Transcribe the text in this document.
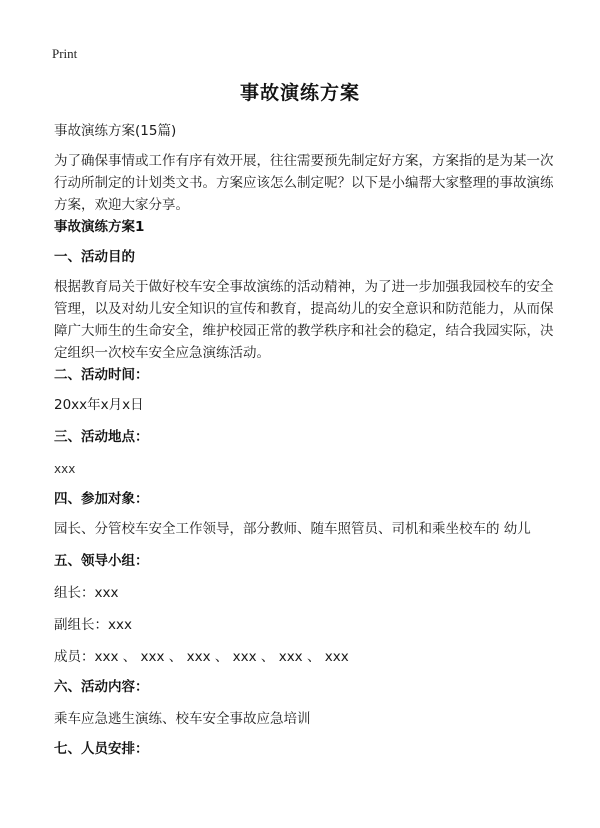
Print
事故演练方案

事故演练方案(15篇)

为了确保事情或工作有序有效开展，往往需要预先制定好方案，方案指的是为某一次行动所制定的计划类文书。方案应该怎么制定呢？以下是小编帮大家整理的事故演练方案，欢迎大家分享。

事故演练方案1

一、活动目的

根据教育局关于做好校车安全事故演练的活动精神，为了进一步加强我园校车的安全管理，以及对幼儿安全知识的宣传和教育，提高幼儿的安全意识和防范能力，从而保障广大师生的生命安全，维护校园正常的教学秩序和社会的稳定，结合我园实际，决定组织一次校车安全应急演练活动。

二、活动时间：

20xx年x月x日

三、活动地点：

xxx

四、参加对象：

园长、分管校车安全工作领导，部分教师、随车照管员、司机和乘坐校车的 幼儿

五、领导小组：

组长：xxx

副组长：xxx

成员：xxx 、 xxx 、 xxx 、 xxx 、 xxx 、 xxx

六、活动内容：

乘车应急逃生演练、校车安全事故应急培训

七、人员安排：
